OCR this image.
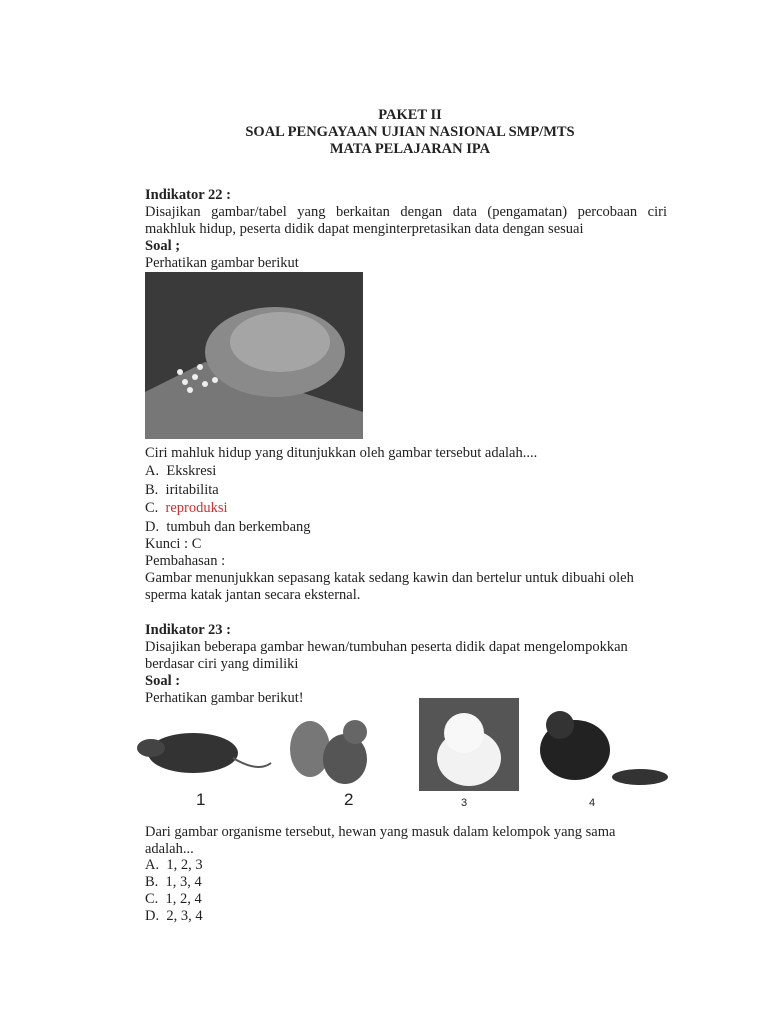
PAKET II
SOAL PENGAYAAN UJIAN NASIONAL SMP/MTS
MATA PELAJARAN IPA
Indikator 22 :
Disajikan gambar/tabel yang berkaitan dengan data (pengamatan) percobaan ciri
makhluk hidup, peserta didik dapat menginterpretasikan data dengan sesuai
Soal ;
Perhatikan gambar berikut
Ciri mahluk hidup yang ditunjukkan oleh gambar tersebut adalah....
A. Ekskresi
B. iritabilita
C. reproduksi
D. tumbuh dan berkembang
Kunci : C
Pembahasan :
Gambar menunjukkan sepasang katak sedang kawin dan bertelur untuk dibuahi oleh
sperma katak jantan secara eksternal.
Indikator 23 :
Disajikan beberapa gambar hewan/tumbuhan peserta didik dapat mengelompokkan
berdasar ciri yang dimiliki
Soal :
Perhatikan gambar berikut!
1	2	3	4
Dari gambar organisme tersebut, hewan yang masuk dalam kelompok yang sama
adalah...
A. 1, 2, 3
B. 1, 3, 4
C. 1, 2, 4
D. 2, 3, 4
